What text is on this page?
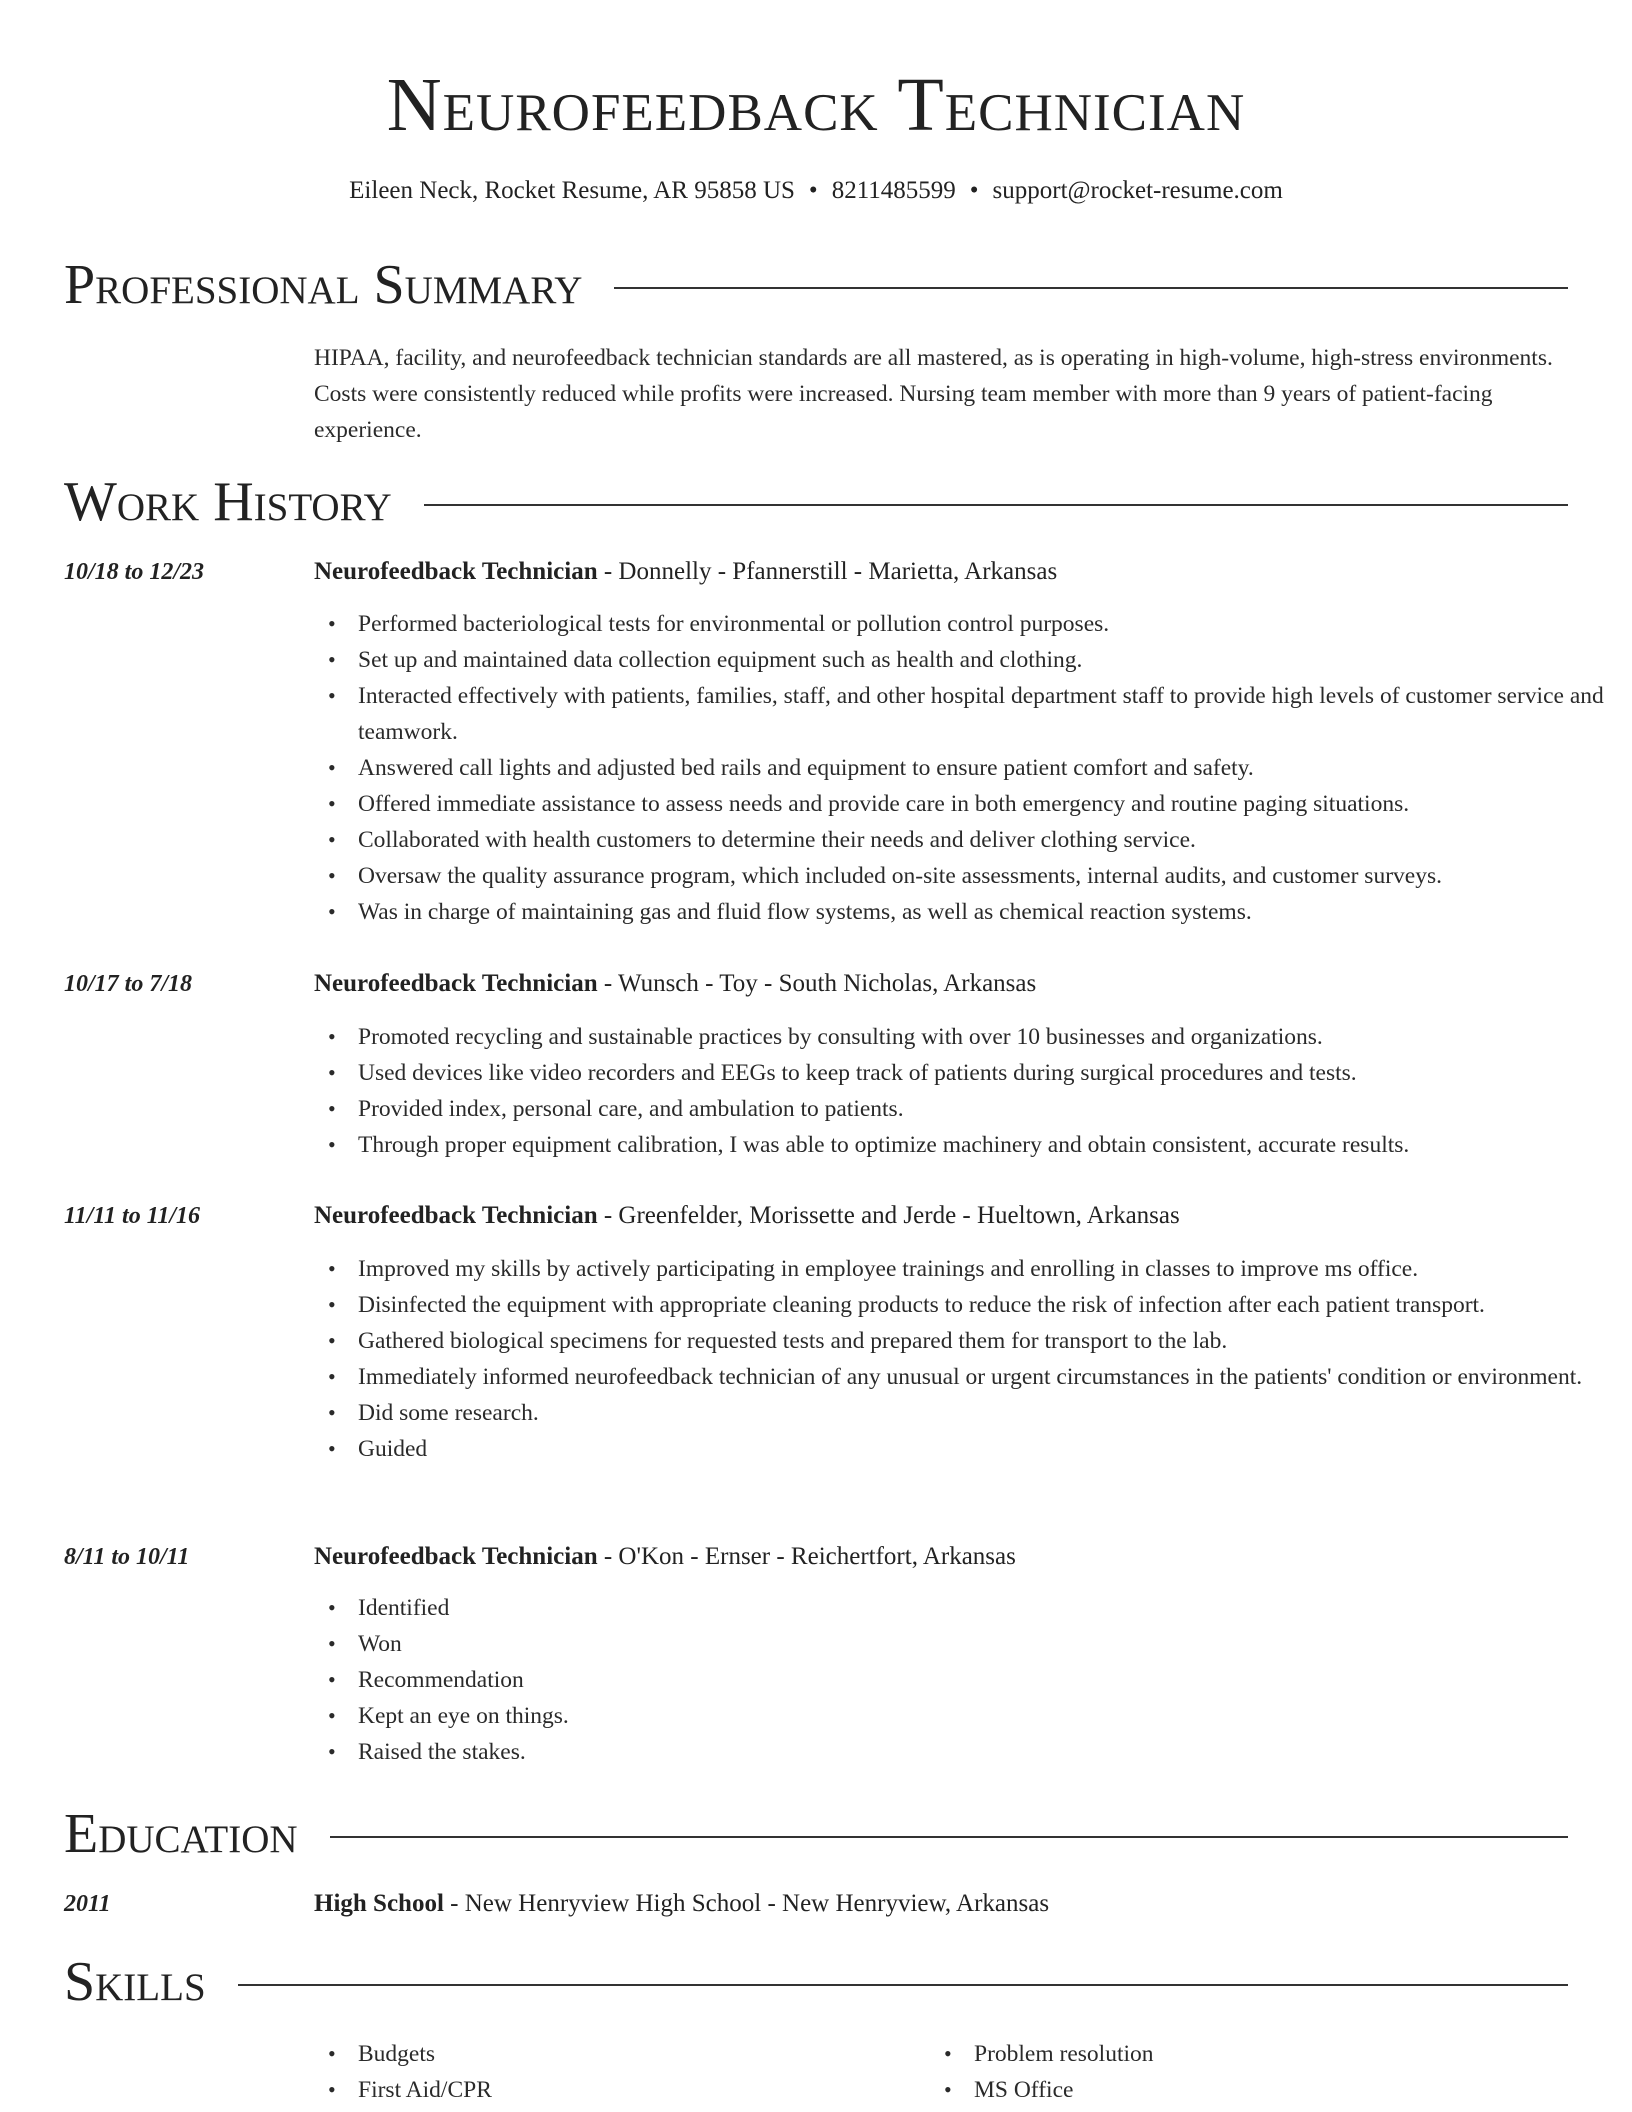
Neurofeedback Technician
Eileen Neck, Rocket Resume, AR 95858 US • 8211485599 • support@rocket-resume.com
Professional Summary
HIPAA, facility, and neurofeedback technician standards are all mastered, as is operating in high-volume, high-stress environments. Costs were consistently reduced while profits were increased. Nursing team member with more than 9 years of patient-facing experience.
Work History
10/18 to 12/23	Neurofeedback Technician - Donnelly - Pfannerstill - Marietta, Arkansas
• Performed bacteriological tests for environmental or pollution control purposes.
• Set up and maintained data collection equipment such as health and clothing.
• Interacted effectively with patients, families, staff, and other hospital department staff to provide high levels of customer service and teamwork.
• Answered call lights and adjusted bed rails and equipment to ensure patient comfort and safety.
• Offered immediate assistance to assess needs and provide care in both emergency and routine paging situations.
• Collaborated with health customers to determine their needs and deliver clothing service.
• Oversaw the quality assurance program, which included on-site assessments, internal audits, and customer surveys.
• Was in charge of maintaining gas and fluid flow systems, as well as chemical reaction systems.
10/17 to 7/18	Neurofeedback Technician - Wunsch - Toy - South Nicholas, Arkansas
• Promoted recycling and sustainable practices by consulting with over 10 businesses and organizations.
• Used devices like video recorders and EEGs to keep track of patients during surgical procedures and tests.
• Provided index, personal care, and ambulation to patients.
• Through proper equipment calibration, I was able to optimize machinery and obtain consistent, accurate results.
11/11 to 11/16	Neurofeedback Technician - Greenfelder, Morissette and Jerde - Hueltown, Arkansas
• Improved my skills by actively participating in employee trainings and enrolling in classes to improve ms office.
• Disinfected the equipment with appropriate cleaning products to reduce the risk of infection after each patient transport.
• Gathered biological specimens for requested tests and prepared them for transport to the lab.
• Immediately informed neurofeedback technician of any unusual or urgent circumstances in the patients' condition or environment.
• Did some research.
• Guided
8/11 to 10/11	Neurofeedback Technician - O'Kon - Ernser - Reichertfort, Arkansas
• Identified
• Won
• Recommendation
• Kept an eye on things.
• Raised the stakes.
Education
2011	High School - New Henryview High School - New Henryview, Arkansas
Skills
• Budgets
• First Aid/CPR
• Problem resolution
• MS Office
